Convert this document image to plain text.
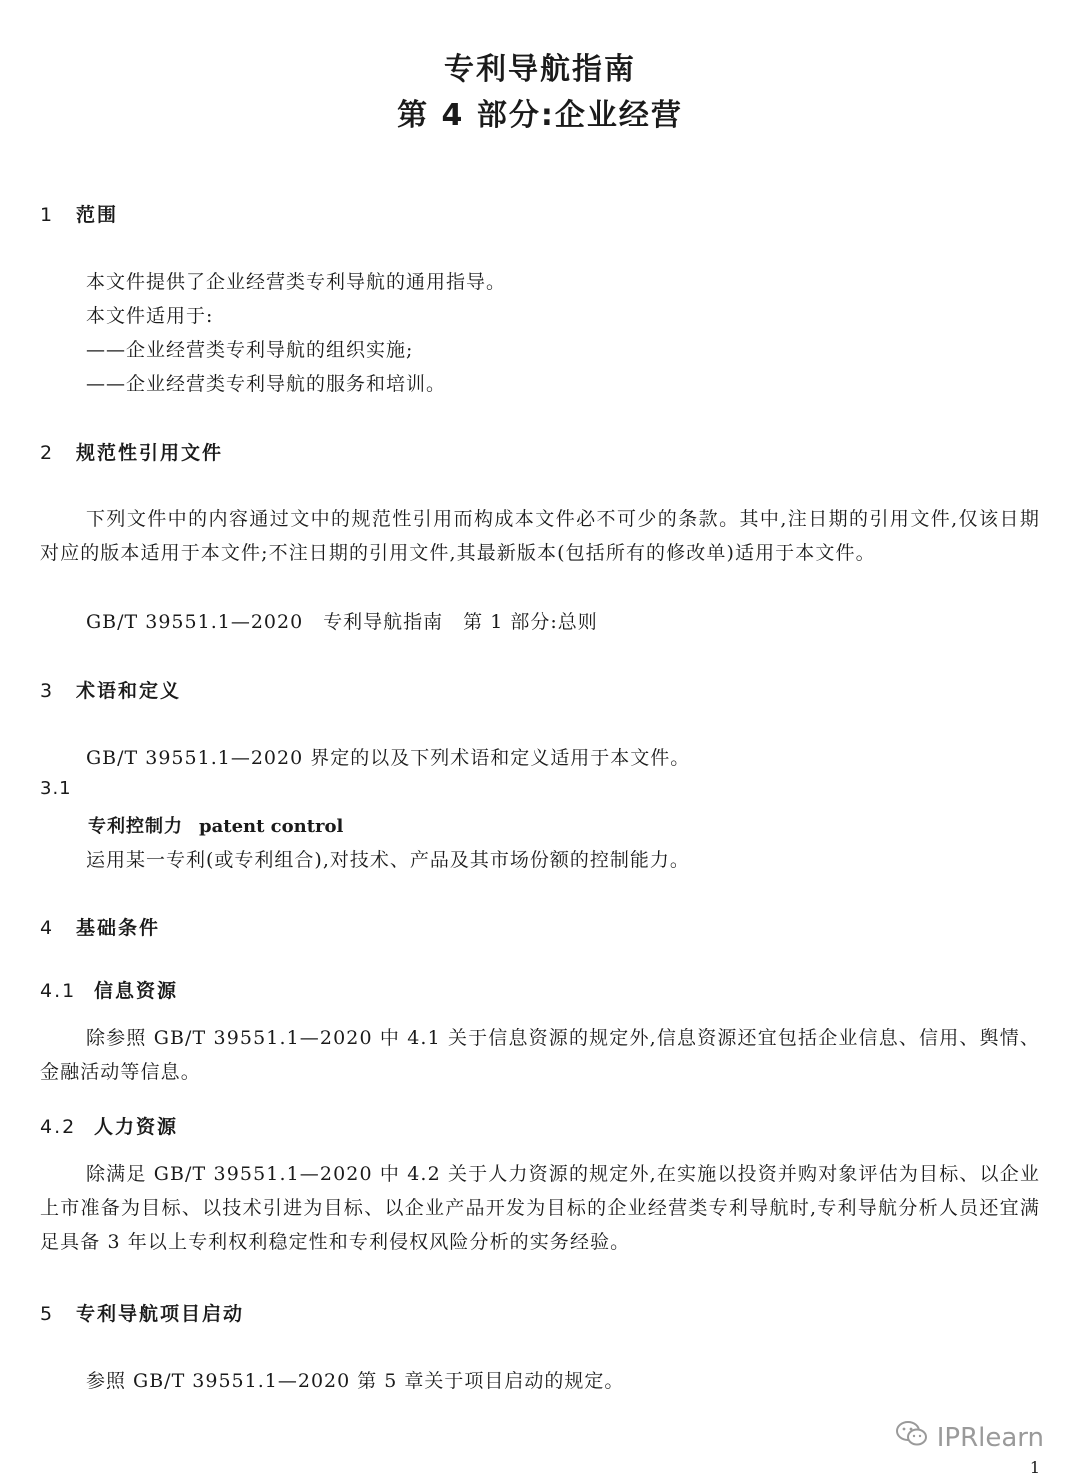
专利导航指南
第 4 部分:企业经营
1 范围
本文件提供了企业经营类专利导航的通用指导。
本文件适用于:
——企业经营类专利导航的组织实施;
——企业经营类专利导航的服务和培训。
2 规范性引用文件
下列文件中的内容通过文中的规范性引用而构成本文件必不可少的条款。其中,注日期的引用文件,仅该日期对应的版本适用于本文件;不注日期的引用文件,其最新版本(包括所有的修改单)适用于本文件。
GB/T 39551.1—2020　专利导航指南　第 1 部分:总则
3 术语和定义
GB/T 39551.1—2020 界定的以及下列术语和定义适用于本文件。
3.1
专利控制力 patent control
运用某一专利(或专利组合),对技术、产品及其市场份额的控制能力。
4 基础条件
4.1 信息资源
除参照 GB/T 39551.1—2020 中 4.1 关于信息资源的规定外,信息资源还宜包括企业信息、信用、舆情、金融活动等信息。
4.2 人力资源
除满足 GB/T 39551.1—2020 中 4.2 关于人力资源的规定外,在实施以投资并购对象评估为目标、以企业上市准备为目标、以技术引进为目标、以企业产品开发为目标的企业经营类专利导航时,专利导航分析人员还宜满足具备 3 年以上专利权利稳定性和专利侵权风险分析的实务经验。
5 专利导航项目启动
参照 GB/T 39551.1—2020 第 5 章关于项目启动的规定。
IPRlearn
1
